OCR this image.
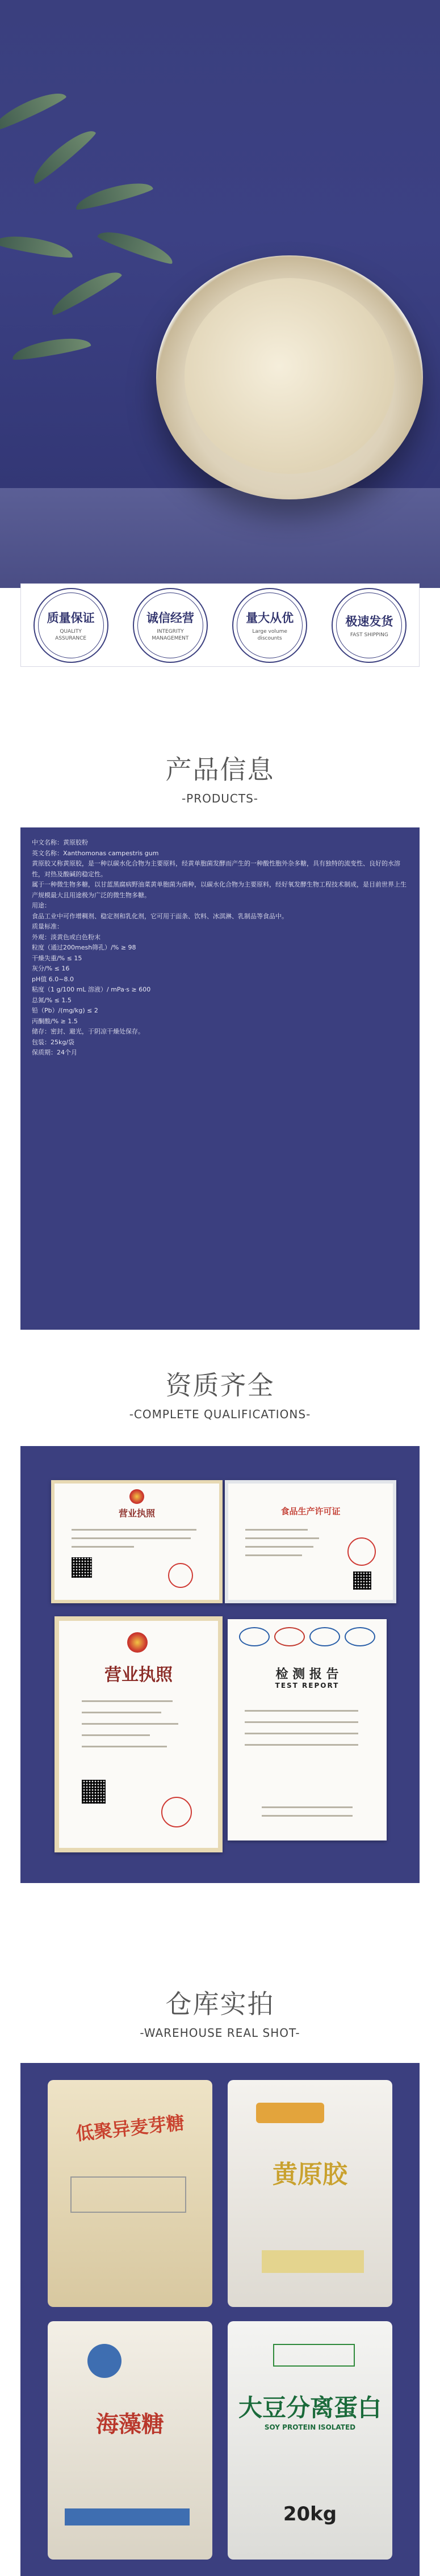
质量保证
QUALITY ASSURANCE
诚信经营
INTEGRITY MANAGEMENT
量大从优
Large volume discounts
极速发货
FAST SHIPPING
产品信息
-PRODUCTS-

中文名称：黄原胶粉

英文名称：Xanthomonas campestris gum

黄原胶又称黄原胶，是一种以碳水化合物为主要原料，经黄单胞菌发酵而产生的一种酸性胞外杂多糖，具有独特的流变性、良好的水溶性，对热及酸碱的稳定性。

属于一种微生物多糖，以甘蓝黑腐病野油菜黄单胞菌为菌种，以碳水化合物为主要原料，经好氧发酵生物工程技术制成，是目前世界上生产规模最大且用途极为广泛的微生物多糖。

用途：

食品工业中可作增稠剂、稳定剂和乳化剂，它可用于面条、饮料、冰淇淋、乳制品等食品中。

质量标准：

外观：淡黄色或白色粉末

粒度（通过200mesh筛孔）/% ≥ 98

干燥失重/% ≤ 15

灰分/% ≤ 16

pH值 6.0~8.0

粘度（1 g/100 mL 溶液）/ mPa·s ≥ 600

总氮/% ≤ 1.5

铅（Pb）/(mg/kg) ≤ 2

丙酮酸/% ≥ 1.5

储存：密封、避光，于阴凉干燥处保存。

包装：25kg/袋

保质期：24个月

资质齐全
-COMPLETE QUALIFICATIONS-
营业执照	食品生产许可证
营业执照	检 测 报 告
TEST REPORT
仓库实拍
-WAREHOUSE REAL SHOT-
低聚异麦芽糖
黄原胶
海藻糖
大豆分离蛋白
SOY PROTEIN ISOLATED
20kg
